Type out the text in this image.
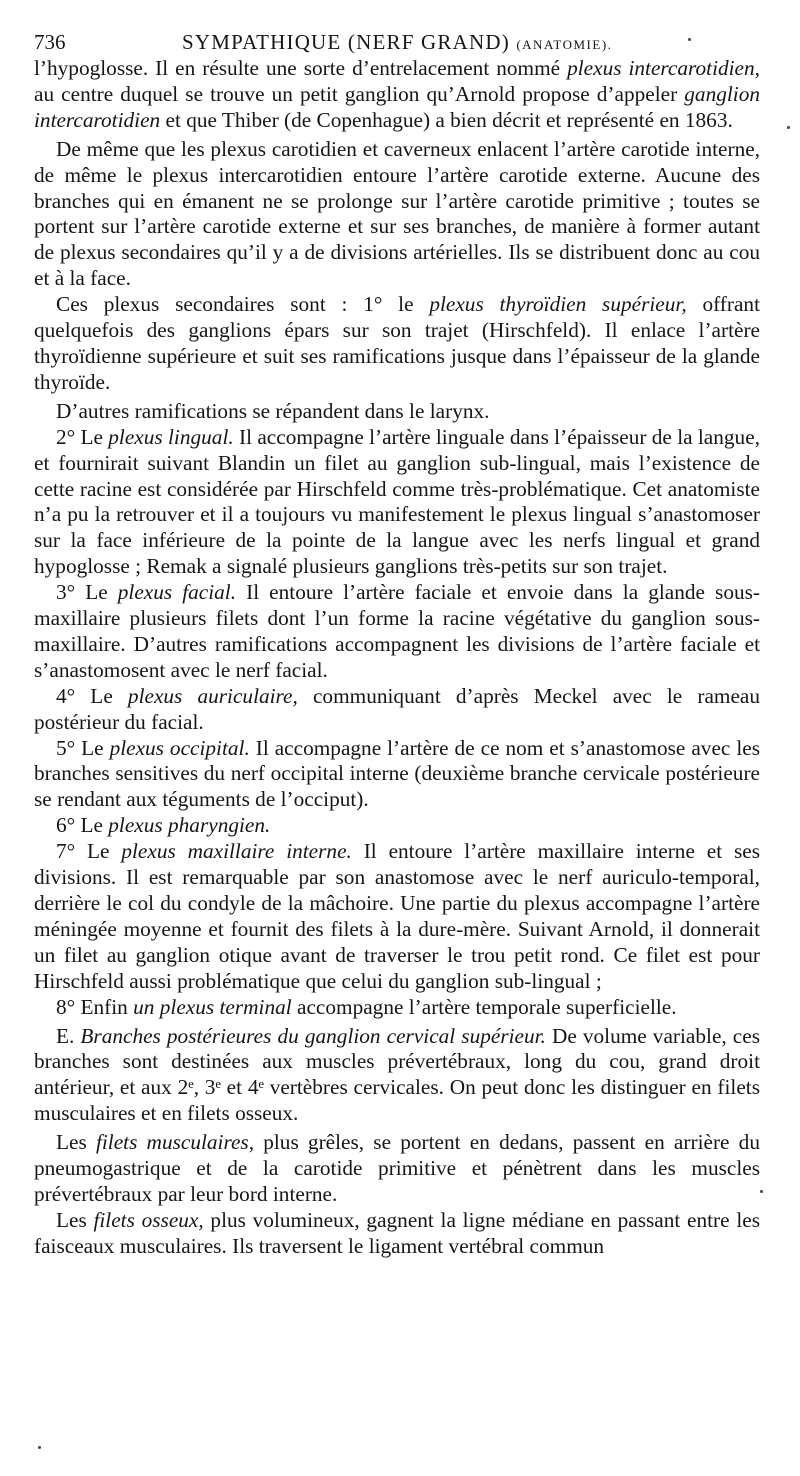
736	SYMPATHIQUE (NERF GRAND) (ANATOMIE).

l’hypoglosse. Il en résulte une sorte d’entrelacement nommé plexus intercarotidien, au centre duquel se trouve un petit ganglion qu’Arnold propose d’appeler ganglion intercarotidien et que Thiber (de Copenhague) a bien décrit et représenté en 1863.

De même que les plexus carotidien et caverneux enlacent l’artère carotide interne, de même le plexus intercarotidien entoure l’artère carotide externe. Aucune des branches qui en émanent ne se prolonge sur l’artère carotide primitive ; toutes se portent sur l’artère carotide externe et sur ses branches, de manière à former autant de plexus secondaires qu’il y a de divisions artérielles. Ils se distribuent donc au cou et à la face.

Ces plexus secondaires sont : 1° le plexus thyroïdien supérieur, offrant quelquefois des ganglions épars sur son trajet (Hirschfeld). Il enlace l’artère thyroïdienne supérieure et suit ses ramifications jusque dans l’épaisseur de la glande thyroïde.

D’autres ramifications se répandent dans le larynx.

2° Le plexus lingual. Il accompagne l’artère linguale dans l’épaisseur de la langue, et fournirait suivant Blandin un filet au ganglion sub-lingual, mais l’existence de cette racine est considérée par Hirschfeld comme très-problématique. Cet anatomiste n’a pu la retrouver et il a toujours vu manifestement le plexus lingual s’anastomoser sur la face inférieure de la pointe de la langue avec les nerfs lingual et grand hypoglosse ; Remak a signalé plusieurs ganglions très-petits sur son trajet.

3° Le plexus facial. Il entoure l’artère faciale et envoie dans la glande sous-maxillaire plusieurs filets dont l’un forme la racine végétative du ganglion sous-maxillaire. D’autres ramifications accompagnent les divisions de l’artère faciale et s’anastomosent avec le nerf facial.

4° Le plexus auriculaire, communiquant d’après Meckel avec le rameau postérieur du facial.

5° Le plexus occipital. Il accompagne l’artère de ce nom et s’anastomose avec les branches sensitives du nerf occipital interne (deuxième branche cervicale postérieure se rendant aux téguments de l’occiput).

6° Le plexus pharyngien.

7° Le plexus maxillaire interne. Il entoure l’artère maxillaire interne et ses divisions. Il est remarquable par son anastomose avec le nerf auriculo-temporal, derrière le col du condyle de la mâchoire. Une partie du plexus accompagne l’artère méningée moyenne et fournit des filets à la dure-mère. Suivant Arnold, il donnerait un filet au ganglion otique avant de traverser le trou petit rond. Ce filet est pour Hirschfeld aussi problématique que celui du ganglion sub-lingual ;

8° Enfin un plexus terminal accompagne l’artère temporale superficielle.

E. Branches postérieures du ganglion cervical supérieur. De volume variable, ces branches sont destinées aux muscles prévertébraux, long du cou, grand droit antérieur, et aux 2ᵉ, 3ᵉ et 4ᵉ vertèbres cervicales. On peut donc les distinguer en filets musculaires et en filets osseux.

Les filets musculaires, plus grêles, se portent en dedans, passent en arrière du pneumogastrique et de la carotide primitive et pénètrent dans les muscles prévertébraux par leur bord interne.

Les filets osseux, plus volumineux, gagnent la ligne médiane en passant entre les faisceaux musculaires. Ils traversent le ligament vertébral commun
